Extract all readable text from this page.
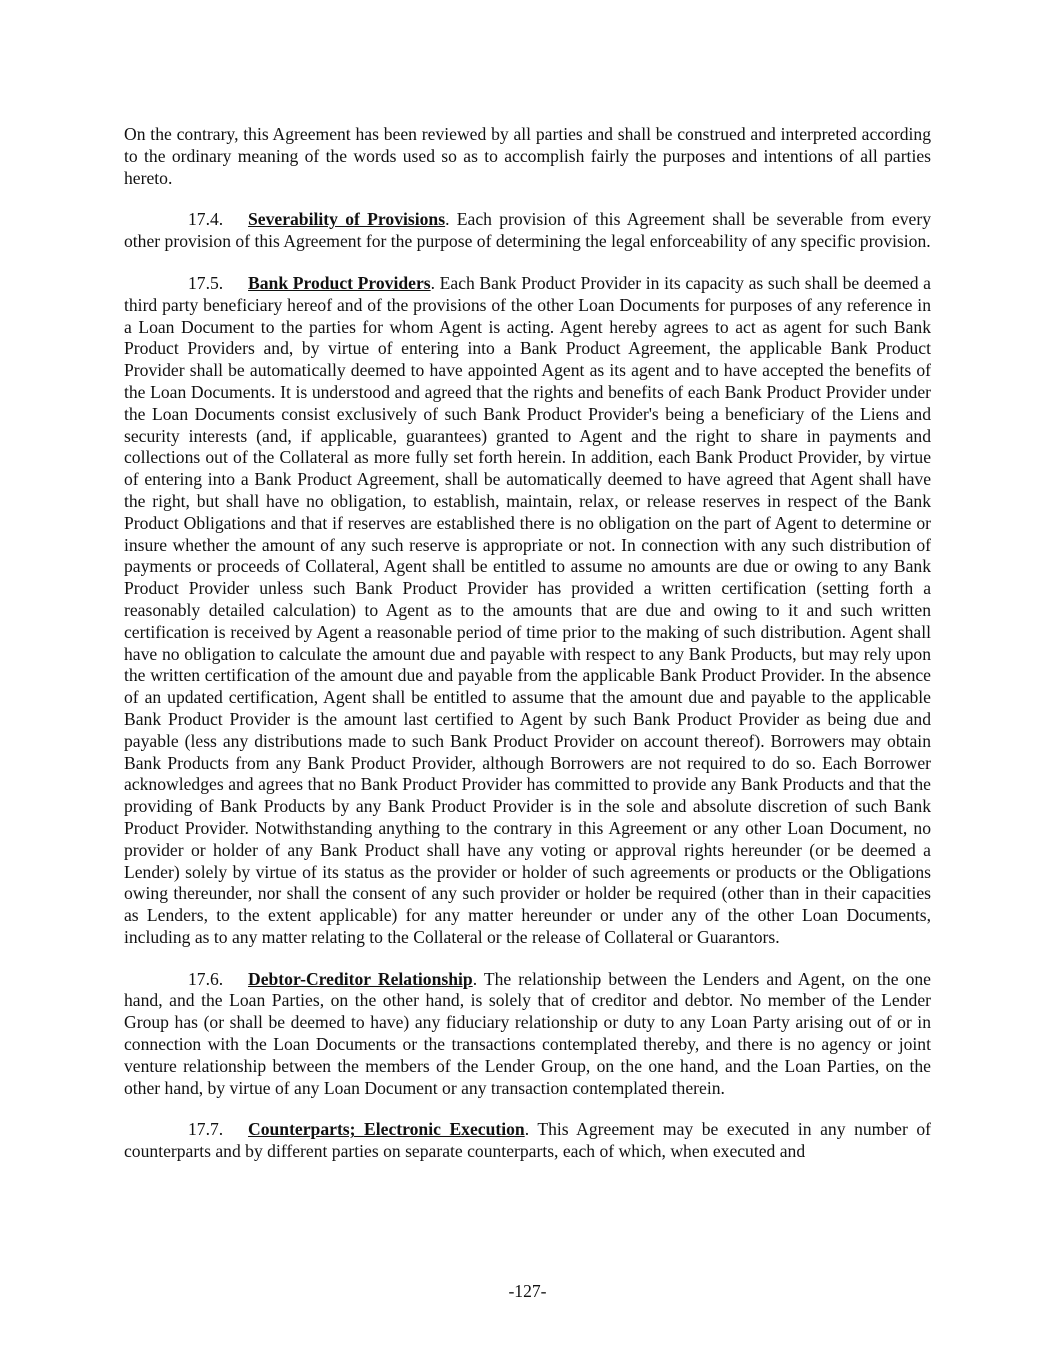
On the contrary, this Agreement has been reviewed by all parties and shall be construed and interpreted according to the ordinary meaning of the words used so as to accomplish fairly the purposes and intentions of all parties hereto.

17.4. Severability of Provisions. Each provision of this Agreement shall be severable from every other provision of this Agreement for the purpose of determining the legal enforceability of any specific provision.

17.5. Bank Product Providers. Each Bank Product Provider in its capacity as such shall be deemed a third party beneficiary hereof and of the provisions of the other Loan Documents for purposes of any reference in a Loan Document to the parties for whom Agent is acting. Agent hereby agrees to act as agent for such Bank Product Providers and, by virtue of entering into a Bank Product Agreement, the applicable Bank Product Provider shall be automatically deemed to have appointed Agent as its agent and to have accepted the benefits of the Loan Documents. It is understood and agreed that the rights and benefits of each Bank Product Provider under the Loan Documents consist exclusively of such Bank Product Provider's being a beneficiary of the Liens and security interests (and, if applicable, guarantees) granted to Agent and the right to share in payments and collections out of the Collateral as more fully set forth herein. In addition, each Bank Product Provider, by virtue of entering into a Bank Product Agreement, shall be automatically deemed to have agreed that Agent shall have the right, but shall have no obligation, to establish, maintain, relax, or release reserves in respect of the Bank Product Obligations and that if reserves are established there is no obligation on the part of Agent to determine or insure whether the amount of any such reserve is appropriate or not. In connection with any such distribution of payments or proceeds of Collateral, Agent shall be entitled to assume no amounts are due or owing to any Bank Product Provider unless such Bank Product Provider has provided a written certification (setting forth a reasonably detailed calculation) to Agent as to the amounts that are due and owing to it and such written certification is received by Agent a reasonable period of time prior to the making of such distribution. Agent shall have no obligation to calculate the amount due and payable with respect to any Bank Products, but may rely upon the written certification of the amount due and payable from the applicable Bank Product Provider. In the absence of an updated certification, Agent shall be entitled to assume that the amount due and payable to the applicable Bank Product Provider is the amount last certified to Agent by such Bank Product Provider as being due and payable (less any distributions made to such Bank Product Provider on account thereof). Borrowers may obtain Bank Products from any Bank Product Provider, although Borrowers are not required to do so. Each Borrower acknowledges and agrees that no Bank Product Provider has committed to provide any Bank Products and that the providing of Bank Products by any Bank Product Provider is in the sole and absolute discretion of such Bank Product Provider. Notwithstanding anything to the contrary in this Agreement or any other Loan Document, no provider or holder of any Bank Product shall have any voting or approval rights hereunder (or be deemed a Lender) solely by virtue of its status as the provider or holder of such agreements or products or the Obligations owing thereunder, nor shall the consent of any such provider or holder be required (other than in their capacities as Lenders, to the extent applicable) for any matter hereunder or under any of the other Loan Documents, including as to any matter relating to the Collateral or the release of Collateral or Guarantors.

17.6. Debtor-Creditor Relationship. The relationship between the Lenders and Agent, on the one hand, and the Loan Parties, on the other hand, is solely that of creditor and debtor. No member of the Lender Group has (or shall be deemed to have) any fiduciary relationship or duty to any Loan Party arising out of or in connection with the Loan Documents or the transactions contemplated thereby, and there is no agency or joint venture relationship between the members of the Lender Group, on the one hand, and the Loan Parties, on the other hand, by virtue of any Loan Document or any transaction contemplated therein.

17.7. Counterparts; Electronic Execution. This Agreement may be executed in any number of counterparts and by different parties on separate counterparts, each of which, when executed and

-127-
